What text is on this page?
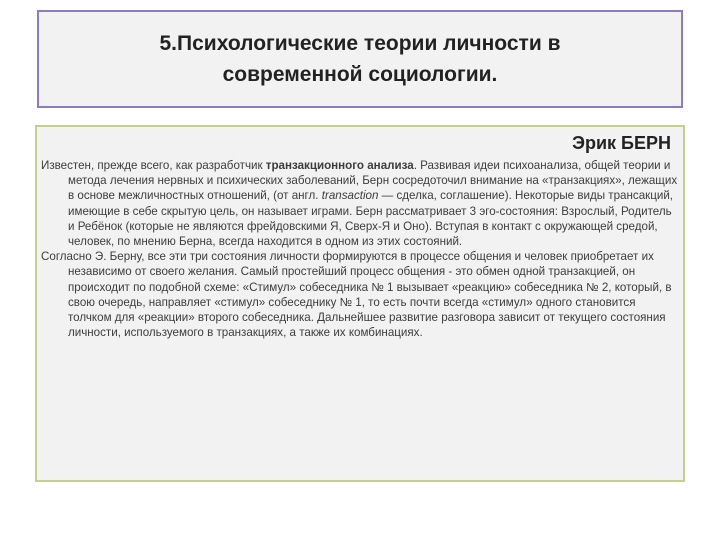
5.Психологические теории личности в
современной социологии.
Эрик БЕРН

Известен, прежде всего, как разработчик транзакционного анализа. Развивая идеи психоанализа, общей теории и метода лечения нервных и психических заболеваний, Берн сосредоточил внимание на «транзакциях», лежащих в основе межличностных отношений, (от англ. transaction — сделка, соглашение). Некоторые виды трансакций, имеющие в себе скрытую цель, он называет играми. Берн рассматривает 3 эго-состояния: Взрослый, Родитель и Ребёнок (которые не являются фрейдовскими Я, Сверх-Я и Оно). Вступая в контакт с окружающей средой, человек, по мнению Берна, всегда находится в одном из этих состояний.

Согласно Э. Берну, все эти три состояния личности формируются в процессе общения и человек приобретает их независимо от своего желания. Самый простейший процесс общения - это обмен одной транзакцией, он происходит по подобной схеме: «Стимул» собеседника № 1 вызывает «реакцию» собеседника № 2, который, в свою очередь, направляет «стимул» собеседнику № 1, то есть почти всегда «стимул» одного становится толчком для «реакции» второго собеседника. Дальнейшее развитие разговора зависит от текущего состояния личности, используемого в транзакциях, а также их комбинациях.
